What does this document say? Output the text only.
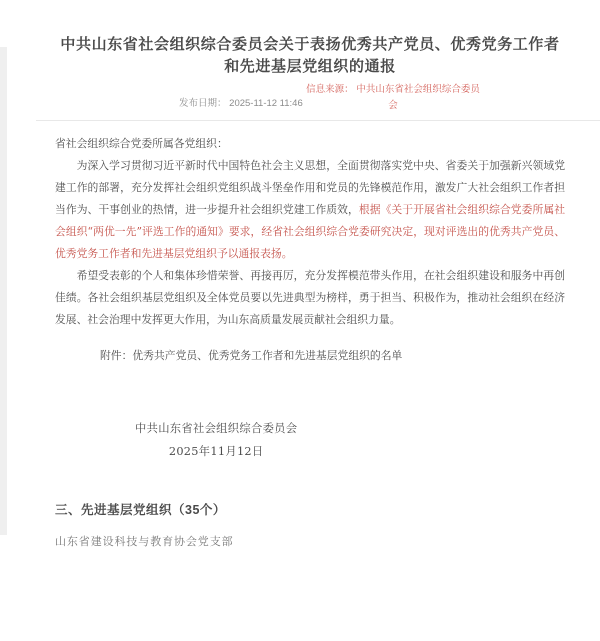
中共山东省社会组织综合委员会关于表扬优秀共产党员、优秀党务工作者和先进基层党组织的通报
信息来源： 中共山东省社会组织综合委员会
发布日期： 2025-11-12 11:46

省社会组织综合党委所属各党组织：

为深入学习贯彻习近平新时代中国特色社会主义思想，全面贯彻落实党中央、省委关于加强新兴领域党建工作的部署，充分发挥社会组织党组织战斗堡垒作用和党员的先锋模范作用，激发广大社会组织工作者担当作为、干事创业的热情，进一步提升社会组织党建工作质效，根据《关于开展省社会组织综合党委所属社会组织“两优一先”评选工作的通知》要求，经省社会组织综合党委研究决定，现对评选出的优秀共产党员、优秀党务工作者和先进基层党组织予以通报表扬。

希望受表彰的个人和集体珍惜荣誉、再接再厉，充分发挥模范带头作用，在社会组织建设和服务中再创佳绩。各社会组织基层党组织及全体党员要以先进典型为榜样，勇于担当、积极作为，推动社会组织在经济发展、社会治理中发挥更大作用，为山东高质量发展贡献社会组织力量。

附件：优秀共产党员、优秀党务工作者和先进基层党组织的名单

中共山东省社会组织综合委员会
2025年11月12日
三、先进基层党组织（35个）

山东省建设科技与教育协会党支部
